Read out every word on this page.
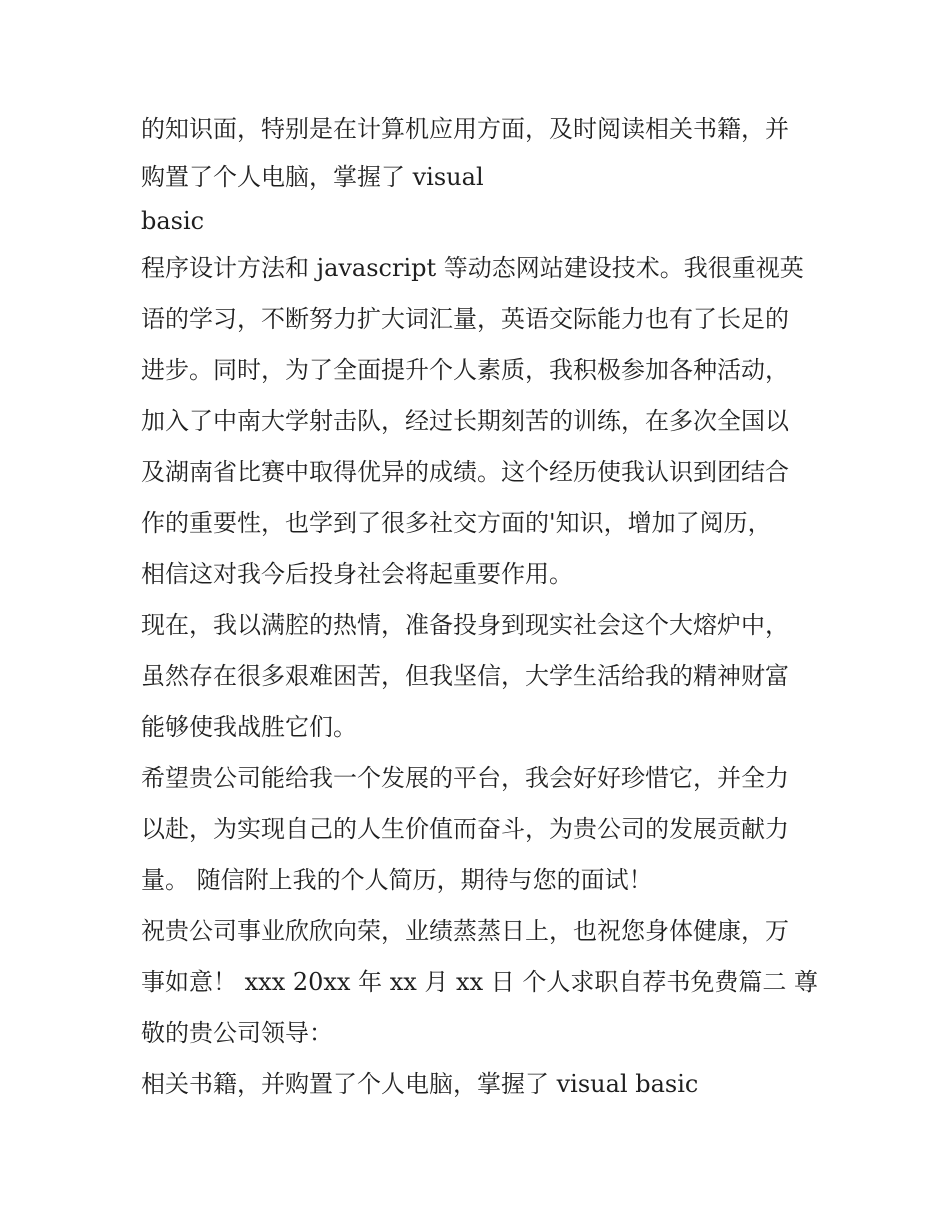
的知识面，特别是在计算机应用方面，及时阅读相关书籍，并
购置了个人电脑，掌握了 visual
basic
程序设计方法和 javascript 等动态网站建设技术。我很重视英
语的学习，不断努力扩大词汇量，英语交际能力也有了长足的
进步。同时，为了全面提升个人素质，我积极参加各种活动，
加入了中南大学射击队，经过长期刻苦的训练，在多次全国以
及湖南省比赛中取得优异的成绩。这个经历使我认识到团结合
作的重要性，也学到了很多社交方面的'知识，增加了阅历，
相信这对我今后投身社会将起重要作用。
现在，我以满腔的热情，准备投身到现实社会这个大熔炉中，
虽然存在很多艰难困苦，但我坚信，大学生活给我的精神财富
能够使我战胜它们。
希望贵公司能给我一个发展的平台，我会好好珍惜它，并全力
以赴，为实现自己的人生价值而奋斗，为贵公司的发展贡献力
量。 随信附上我的个人简历，期待与您的面试！
祝贵公司事业欣欣向荣，业绩蒸蒸日上，也祝您身体健康，万
事如意！ xxx 20xx 年 xx 月 xx 日 个人求职自荐书免费篇二 尊
敬的贵公司领导：
相关书籍，并购置了个人电脑，掌握了 visual basic
